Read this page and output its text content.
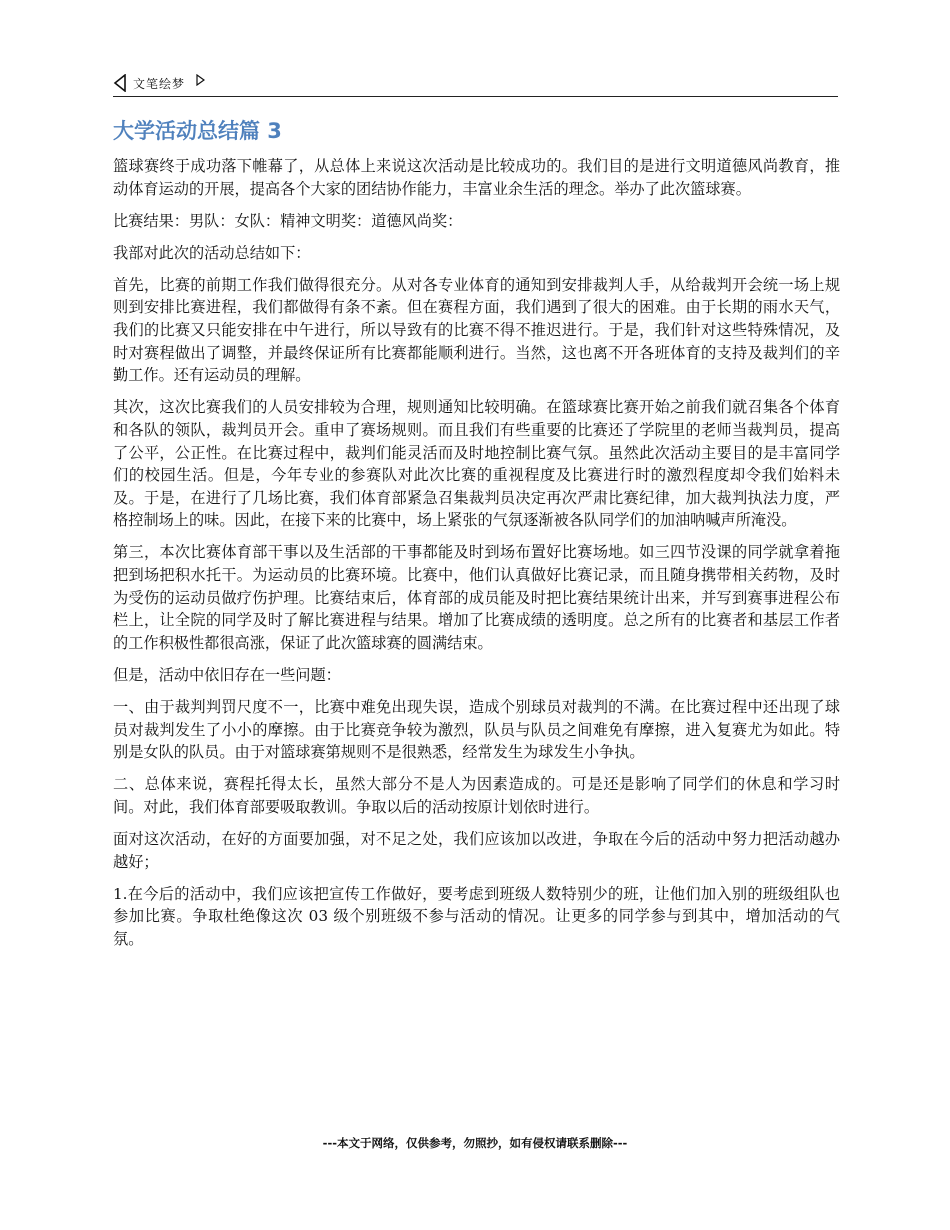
文笔绘梦
大学活动总结篇 3

篮球赛终于成功落下帷幕了，从总体上来说这次活动是比较成功的。我们目的是进行文明道德风尚教育，推动体育运动的开展，提高各个大家的团结协作能力，丰富业余生活的理念。举办了此次篮球赛。

比赛结果：男队：女队：精神文明奖：道德风尚奖：

我部对此次的活动总结如下：

首先，比赛的前期工作我们做得很充分。从对各专业体育的通知到安排裁判人手，从给裁判开会统一场上规则到安排比赛进程，我们都做得有条不紊。但在赛程方面，我们遇到了很大的困难。由于长期的雨水天气，我们的比赛又只能安排在中午进行，所以导致有的比赛不得不推迟进行。于是，我们针对这些特殊情况，及时对赛程做出了调整，并最终保证所有比赛都能顺利进行。当然，这也离不开各班体育的支持及裁判们的辛勤工作。还有运动员的理解。

其次，这次比赛我们的人员安排较为合理，规则通知比较明确。在篮球赛比赛开始之前我们就召集各个体育和各队的领队，裁判员开会。重申了赛场规则。而且我们有些重要的比赛还了学院里的老师当裁判员，提高了公平，公正性。在比赛过程中，裁判们能灵活而及时地控制比赛气氛。虽然此次活动主要目的是丰富同学们的校园生活。但是，今年专业的参赛队对此次比赛的重视程度及比赛进行时的激烈程度却令我们始料未及。于是，在进行了几场比赛，我们体育部紧急召集裁判员决定再次严肃比赛纪律，加大裁判执法力度，严格控制场上的味。因此，在接下来的比赛中，场上紧张的气氛逐渐被各队同学们的加油呐喊声所淹没。

第三，本次比赛体育部干事以及生活部的干事都能及时到场布置好比赛场地。如三四节没课的同学就拿着拖把到场把积水托干。为运动员的比赛环境。比赛中，他们认真做好比赛记录，而且随身携带相关药物，及时为受伤的运动员做疗伤护理。比赛结束后，体育部的成员能及时把比赛结果统计出来，并写到赛事进程公布栏上，让全院的同学及时了解比赛进程与结果。增加了比赛成绩的透明度。总之所有的比赛者和基层工作者的工作积极性都很高涨，保证了此次篮球赛的圆满结束。

但是，活动中依旧存在一些问题：

一、由于裁判判罚尺度不一，比赛中难免出现失误，造成个别球员对裁判的不满。在比赛过程中还出现了球员对裁判发生了小小的摩擦。由于比赛竞争较为激烈，队员与队员之间难免有摩擦，进入复赛尤为如此。特别是女队的队员。由于对篮球赛第规则不是很熟悉，经常发生为球发生小争执。

二、总体来说，赛程托得太长，虽然大部分不是人为因素造成的。可是还是影响了同学们的休息和学习时间。对此，我们体育部要吸取教训。争取以后的活动按原计划依时进行。

面对这次活动，在好的方面要加强，对不足之处，我们应该加以改进，争取在今后的活动中努力把活动越办越好；

1.在今后的活动中，我们应该把宣传工作做好，要考虑到班级人数特别少的班，让他们加入别的班级组队也参加比赛。争取杜绝像这次 03 级个别班级不参与活动的情况。让更多的同学参与到其中，增加活动的气氛。

---本文于网络，仅供参考，勿照抄，如有侵权请联系删除---
